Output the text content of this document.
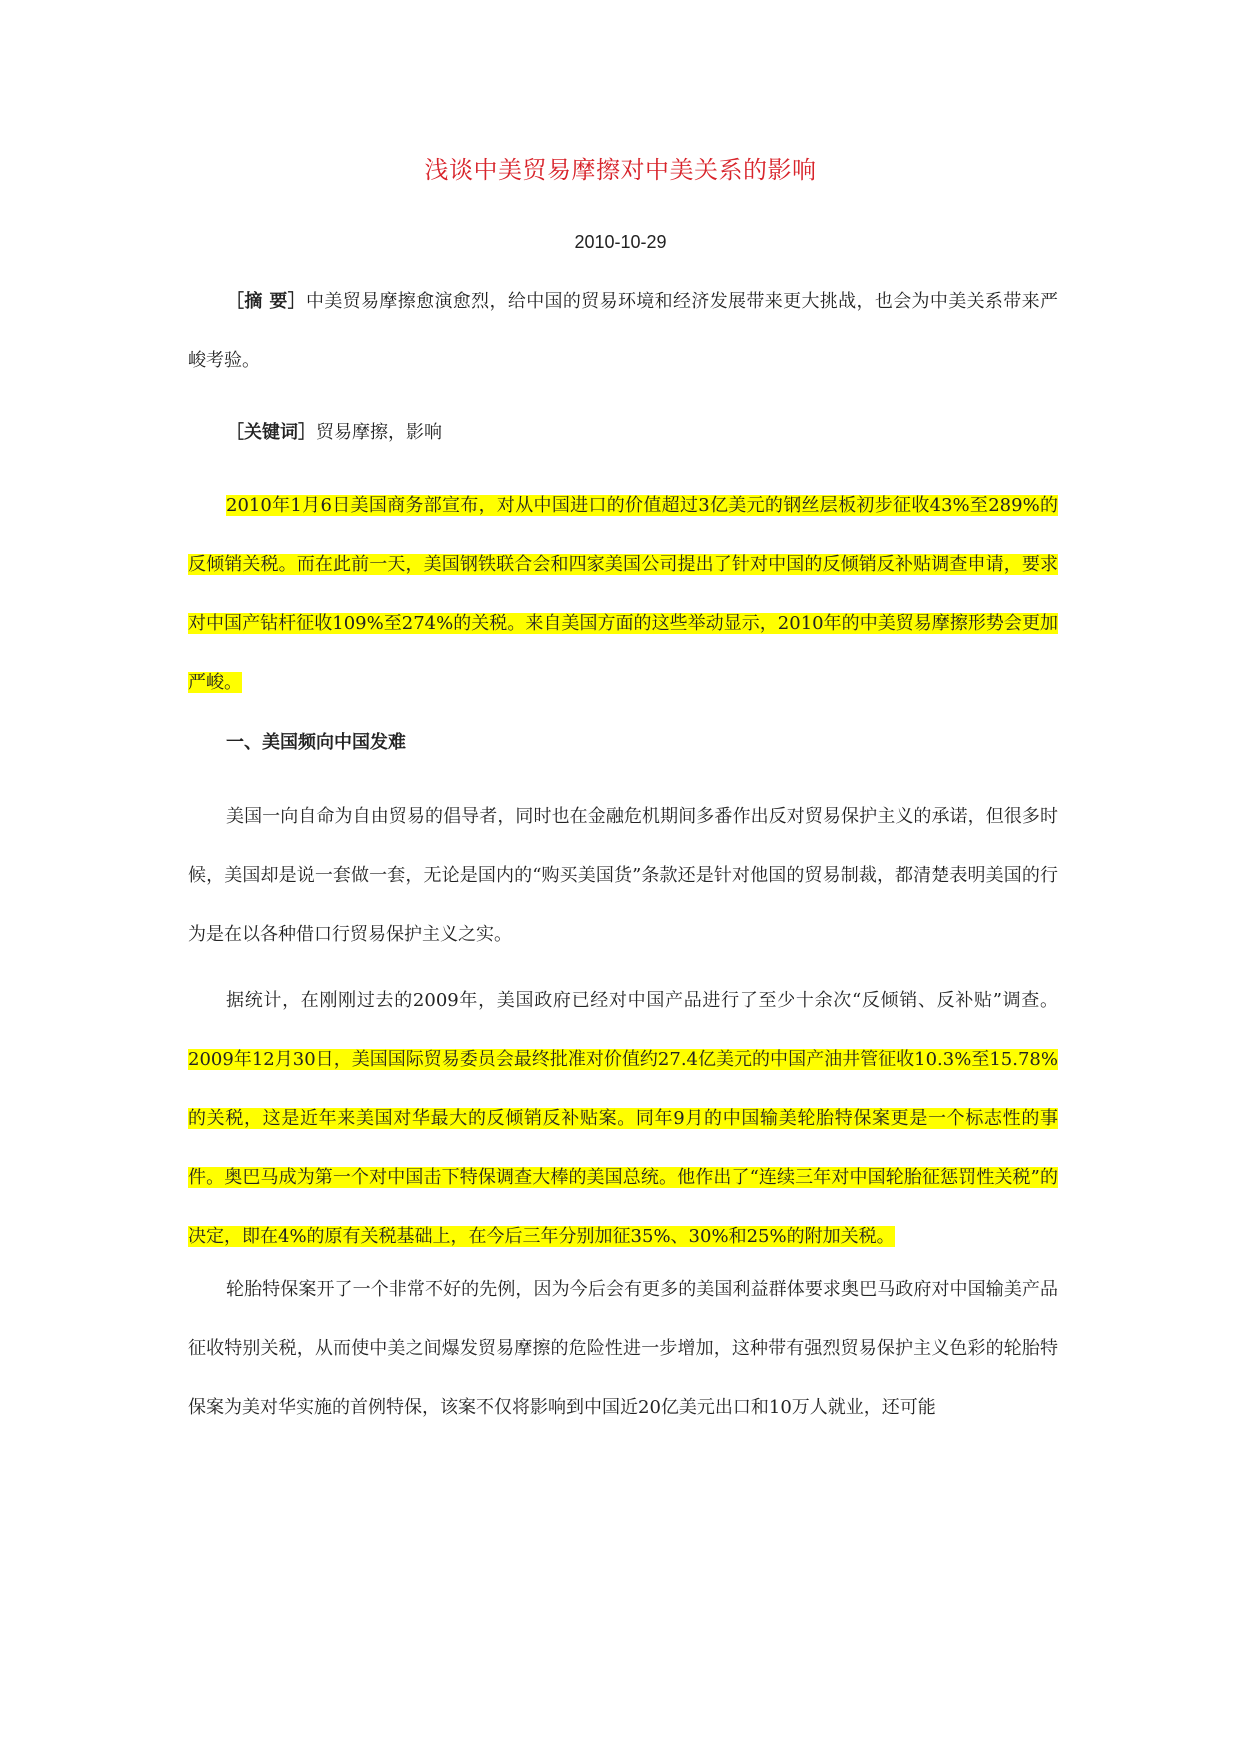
浅谈中美贸易摩擦对中美关系的影响
2010-10-29
［摘 要］中美贸易摩擦愈演愈烈，给中国的贸易环境和经济发展带来更大挑战，也会为中美关系带来严峻考验。
［关键词］贸易摩擦，影响
2010年1月6日美国商务部宣布，对从中国进口的价值超过3亿美元的钢丝层板初步征收43%至289%的反倾销关税。而在此前一天，美国钢铁联合会和四家美国公司提出了针对中国的反倾销反补贴调查申请，要求对中国产钻杆征收109%至274%的关税。来自美国方面的这些举动显示，2010年的中美贸易摩擦形势会更加严峻。
一、美国频向中国发难
美国一向自命为自由贸易的倡导者，同时也在金融危机期间多番作出反对贸易保护主义的承诺，但很多时候，美国却是说一套做一套，无论是国内的“购买美国货”条款还是针对他国的贸易制裁，都清楚表明美国的行为是在以各种借口行贸易保护主义之实。
据统计，在刚刚过去的2009年，美国政府已经对中国产品进行了至少十余次“反倾销、反补贴”调查。2009年12月30日，美国国际贸易委员会最终批准对价值约27.4亿美元的中国产油井管征收10.3%至15.78%的关税，这是近年来美国对华最大的反倾销反补贴案。同年9月的中国输美轮胎特保案更是一个标志性的事件。奥巴马成为第一个对中国击下特保调查大棒的美国总统。他作出了“连续三年对中国轮胎征惩罚性关税”的决定，即在4%的原有关税基础上，在今后三年分别加征35%、30%和25%的附加关税。
轮胎特保案开了一个非常不好的先例，因为今后会有更多的美国利益群体要求奥巴马政府对中国输美产品征收特别关税，从而使中美之间爆发贸易摩擦的危险性进一步增加，这种带有强烈贸易保护主义色彩的轮胎特保案为美对华实施的首例特保，该案不仅将影响到中国近20亿美元出口和10万人就业，还可能
